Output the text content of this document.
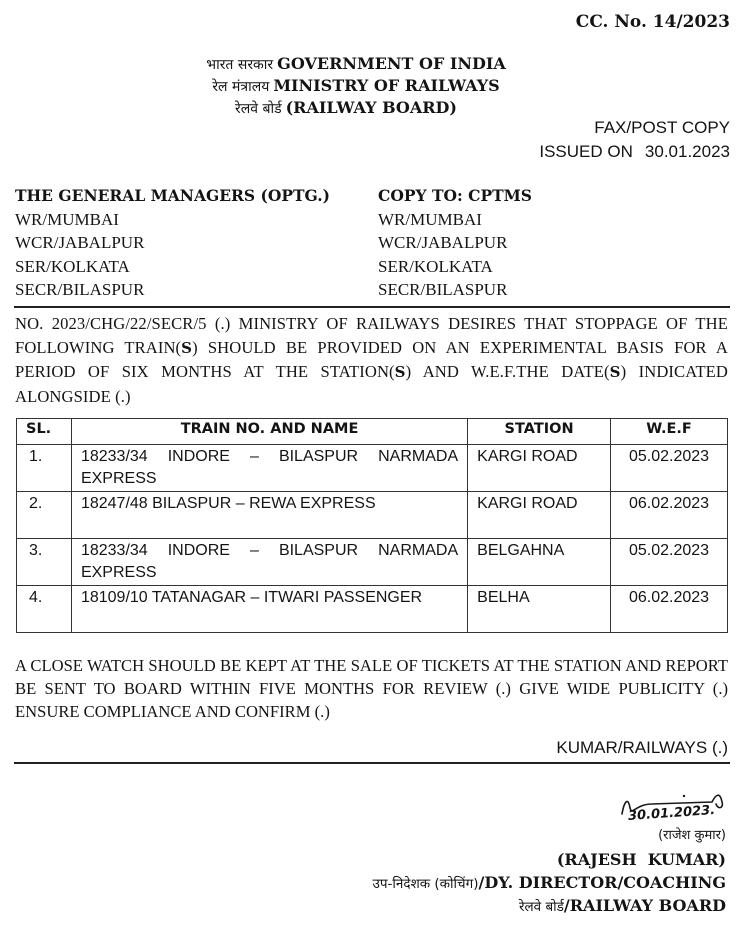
CC. No. 14/2023
भारत सरकार GOVERNMENT OF INDIA
रेल मंत्रालय MINISTRY OF RAILWAYS
रेलवे बोर्ड (RAILWAY BOARD)
FAX/POST COPY
ISSUED ON 30.01.2023
THE GENERAL MANAGERS (OPTG.)
WR/MUMBAI
WCR/JABALPUR
SER/KOLKATA
SECR/BILASPUR
COPY TO: CPTMS
WR/MUMBAI
WCR/JABALPUR
SER/KOLKATA
SECR/BILASPUR
NO. 2023/CHG/22/SECR/5 (.) MINISTRY OF RAILWAYS DESIRES THAT STOPPAGE OF THE FOLLOWING TRAIN(S) SHOULD BE PROVIDED ON AN EXPERIMENTAL BASIS FOR A PERIOD OF SIX MONTHS AT THE STATION(S) AND W.E.F.THE DATE(S) INDICATED ALONGSIDE (.)
SL.	TRAIN NO. AND NAME	STATION	W.E.F
1.	18233/34 INDORE – BILASPUR NARMADA EXPRESS	KARGI ROAD	05.02.2023
2.	18247/48 BILASPUR – REWA EXPRESS	KARGI ROAD	06.02.2023
3.	18233/34 INDORE – BILASPUR NARMADA EXPRESS	BELGAHNA	05.02.2023
4.	18109/10 TATANAGAR – ITWARI PASSENGER	BELHA	06.02.2023
A CLOSE WATCH SHOULD BE KEPT AT THE SALE OF TICKETS AT THE STATION AND REPORT BE SENT TO BOARD WITHIN FIVE MONTHS FOR REVIEW (.) GIVE WIDE PUBLICITY (.) ENSURE COMPLIANCE AND CONFIRM (.)
KUMAR/RAILWAYS (.)
30.01.2023.
(राजेश कुमार)
(RAJESH  KUMAR)
उप-निदेशक (कोचिंग)/DY. DIRECTOR/COACHING
रेलवे बोर्ड/RAILWAY BOARD
